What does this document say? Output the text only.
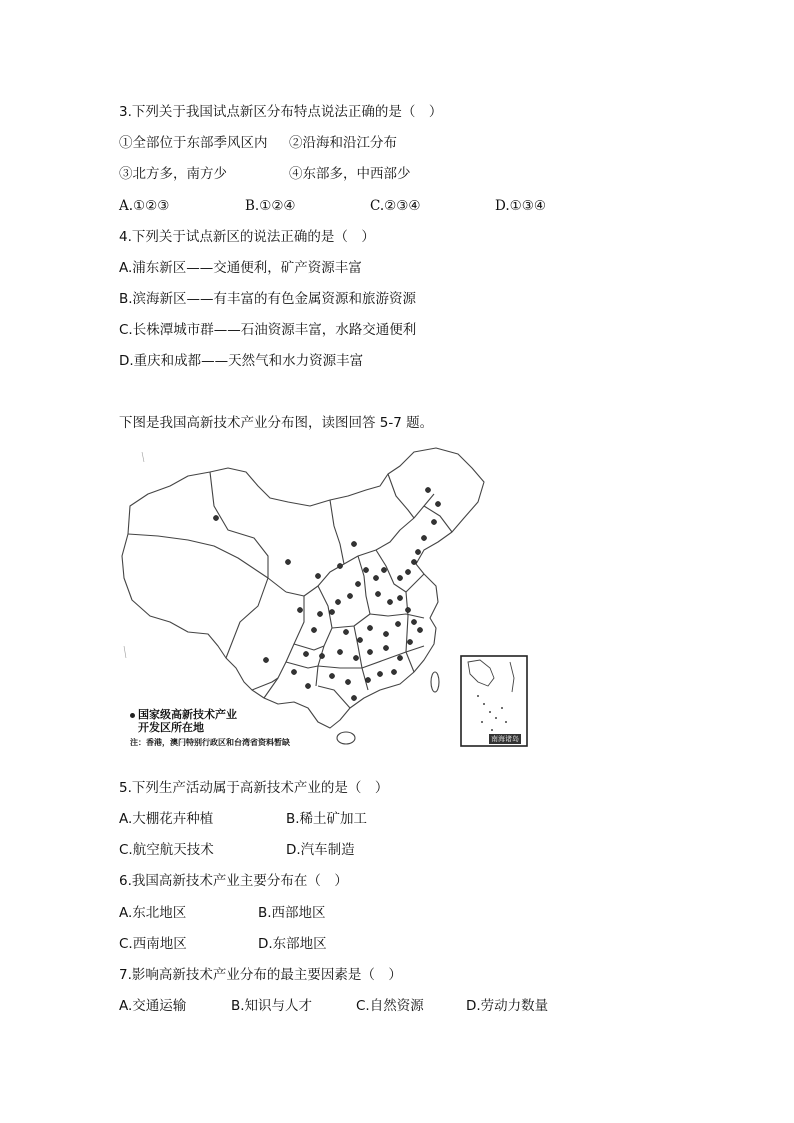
3.下列关于我国试点新区分布特点说法正确的是（　）
①全部位于东部季风区内 ②沿海和沿江分布
③北方多，南方少	④东部多，中西部少
A.①②③	B.①②④	C.②③④	D.①③④
4.下列关于试点新区的说法正确的是（　）
A.浦东新区——交通便利，矿产资源丰富
B.滨海新区——有丰富的有色金属资源和旅游资源
C.长株潭城市群——石油资源丰富，水路交通便利
D.重庆和成都——天然气和水力资源丰富
下图是我国高新技术产业分布图，读图回答 5-7 题。
国家级高新技术产业
开发区所在地
注：香港，澳门特别行政区和台湾省资料暂缺	南海诸岛
5.下列生产活动属于高新技术产业的是（　）
A.大棚花卉种植	B.稀土矿加工
C.航空航天技术	D.汽车制造
6.我国高新技术产业主要分布在（　）
A.东北地区	B.西部地区
C.西南地区	D.东部地区
7.影响高新技术产业分布的最主要因素是（　）
A.交通运输	B.知识与人才	C.自然资源	D.劳动力数量
